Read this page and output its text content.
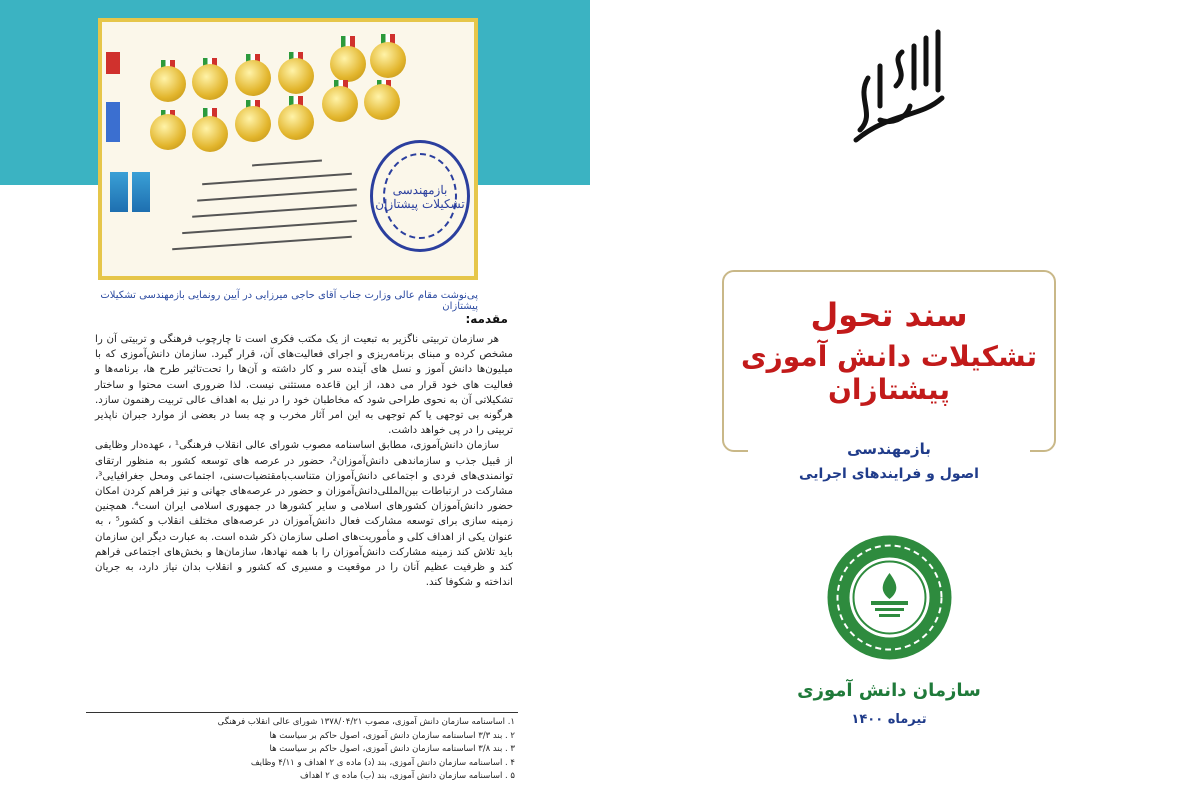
بازمهندسی تشکیلات پیشتازان
پی‌نوشت مقام عالی وزارت جناب آقای حاجی میرزایی در آیین رونمایی بازمهندسی تشکیلات پیشتازان
مقدمه:

هر سازمان تربیتی ناگزیر به تبعیت از یک مکتب فکری است تا چارچوب فرهنگی و تربیتی آن را مشخص کرده و مبنای برنامه‌ریزی و اجرای فعالیت‌های آن، قرار گیرد. سازمان دانش‌آموزی که با میلیون‌ها دانش آموز و نسل های آینده سر و کار داشته و آن‌ها را تحت‌تاثیر طرح ها، برنامه‌ها و فعالیت های خود قرار می دهد، از این قاعده مستثنی نیست. لذا ضروری است محتوا و ساختار تشکیلاتی آن به نحوی طراحی شود که مخاطبان خود را در نیل به اهداف عالی تربیت رهنمون سازد. هرگونه بی توجهی یا کم توجهی به این امر آثار مخرب و چه بسا در بعضی از موارد جبران ناپذیر تربیتی را در پی خواهد داشت.

سازمان دانش‌آموزی، مطابق اساسنامه مصوب شورای عالی انقلاب فرهنگی¹ ، عهده‌دار وظایفی از قبیل جذب و سازماندهی دانش‌آموزان²، حضور در عرصه های توسعه کشور به منظور ارتقای توانمندی‌های فردی و اجتماعی دانش‌آموزان متناسب‌بامقتضیات‌سنی، اجتماعی ومحل جغرافیایی³، مشارکت در ارتباطات بین‌المللی‌دانش‌آموزان و حضور در عرصه‌های جهانی و نیز فراهم کردن امکان حضور دانش‌آموزان کشورهای اسلامی و سایر کشورها در جمهوری اسلامی ایران است⁴. همچنین زمینه سازی برای توسعه مشارکت فعال دانش‌آموزان در عرصه‌های مختلف انقلاب و کشور⁵ ، به عنوان یکی از اهداف کلی و مأموریت‌های اصلی سازمان ذکر شده است. به عبارت دیگر این سازمان باید تلاش کند زمینه مشارکت دانش‌آموزان را با همه نهادها، سازمان‌ها و بخش‌های اجتماعی فراهم کند و ظرفیت عظیم آنان را در موقعیت و مسیری که کشور و انقلاب بدان نیاز دارد، به جریان انداخته و شکوفا کند.

۱. اساسنامه سازمان دانش آموزی، مصوب ۱۳۷۸/۰۴/۲۱ شورای عالی انقلاب فرهنگی
۲ . بند ۳/۳ اساسنامه سازمان دانش آموزی، اصول حاکم بر سیاست ها
۳ . بند ۳/۸ اساسنامه سازمان دانش آموزی، اصول حاکم بر سیاست ها
۴ . اساسنامه سازمان دانش آموزی، بند (د) ماده ی ۲ اهداف و ۴/۱۱ وظایف
۵ . اساسنامه سازمان دانش آموزی، بند (ب) ماده ی ۲ اهداف
سند تحول
تشکیلات دانش آموزی پیشتازان
بازمهندسی
اصول و فرایندهای اجرایی
سازمان دانش آموزی
تیرماه ۱۴۰۰
